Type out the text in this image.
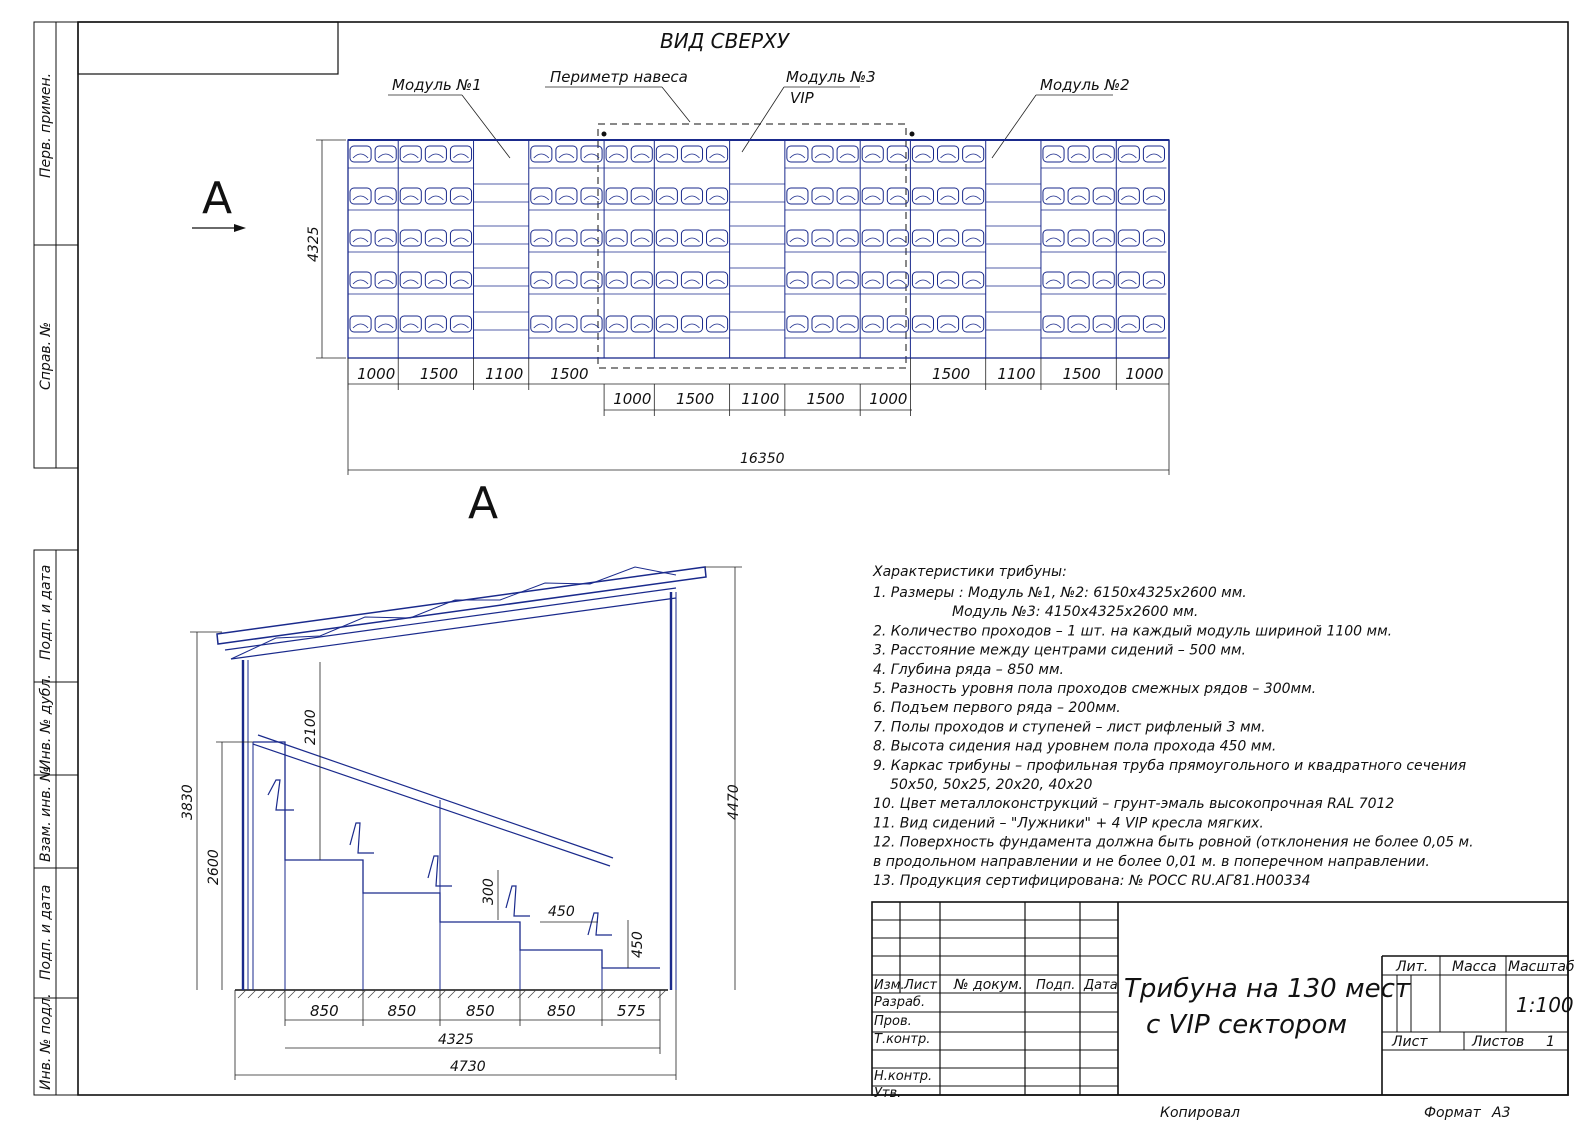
Перв. примен.
Справ. №
Подп. и дата
Инв. № дубл.
Взам. инв. №
Подп. и дата
Инв. № подл.
ВИД СВЕРХУ
А
Модуль №1	Периметр навеса	Модуль №3
VIP
Модуль №2
4325
1000 1500 1100 1500	1500 1100 1500 1000
1000 1500 1100 1500 1000
16350
А
2100
3830
2600
4470
300
450
450
850	850	850	850	575
4325
4730
Характеристики трибуны:
1. Размеры : Модуль №1, №2: 6150х4325х2600 мм.
Модуль №3: 4150х4325х2600 мм.
2. Количество проходов – 1 шт. на каждый модуль шириной 1100 мм.
3. Расстояние между центрами сидений – 500 мм.
4. Глубина ряда – 850 мм.
5. Разность уровня пола проходов смежных рядов – 300мм.
6. Подъем первого ряда – 200мм.
7. Полы проходов и ступеней – лист рифленый 3 мм.
8. Высота сидения над уровнем пола прохода 450 мм.
9. Каркас трибуны – профильная труба прямоугольного и квадратного сечения
50х50, 50х25, 20х20, 40х20
10. Цвет металлоконструкций – грунт-эмаль высокопрочная RAL 7012
11. Вид сидений – "Лужники" + 4 VIP кресла мягких.
12. Поверхность фундамента должна быть ровной (отклонения не более 0,05 м.
в продольном направлении и не более 0,01 м. в поперечном направлении.
13. Продукция сертифицирована: № РОСС RU.АГ81.Н00334
Изм. Лист № докум. Подп. Дата
Разраб.
Пров.
Т.контр.
Н.контр.
Утв.
Трибуна на 130 мест
с VIP сектором
Лит. Масса Масштаб
1:100
Лист	Листов 1
Копировал	Формат А3
